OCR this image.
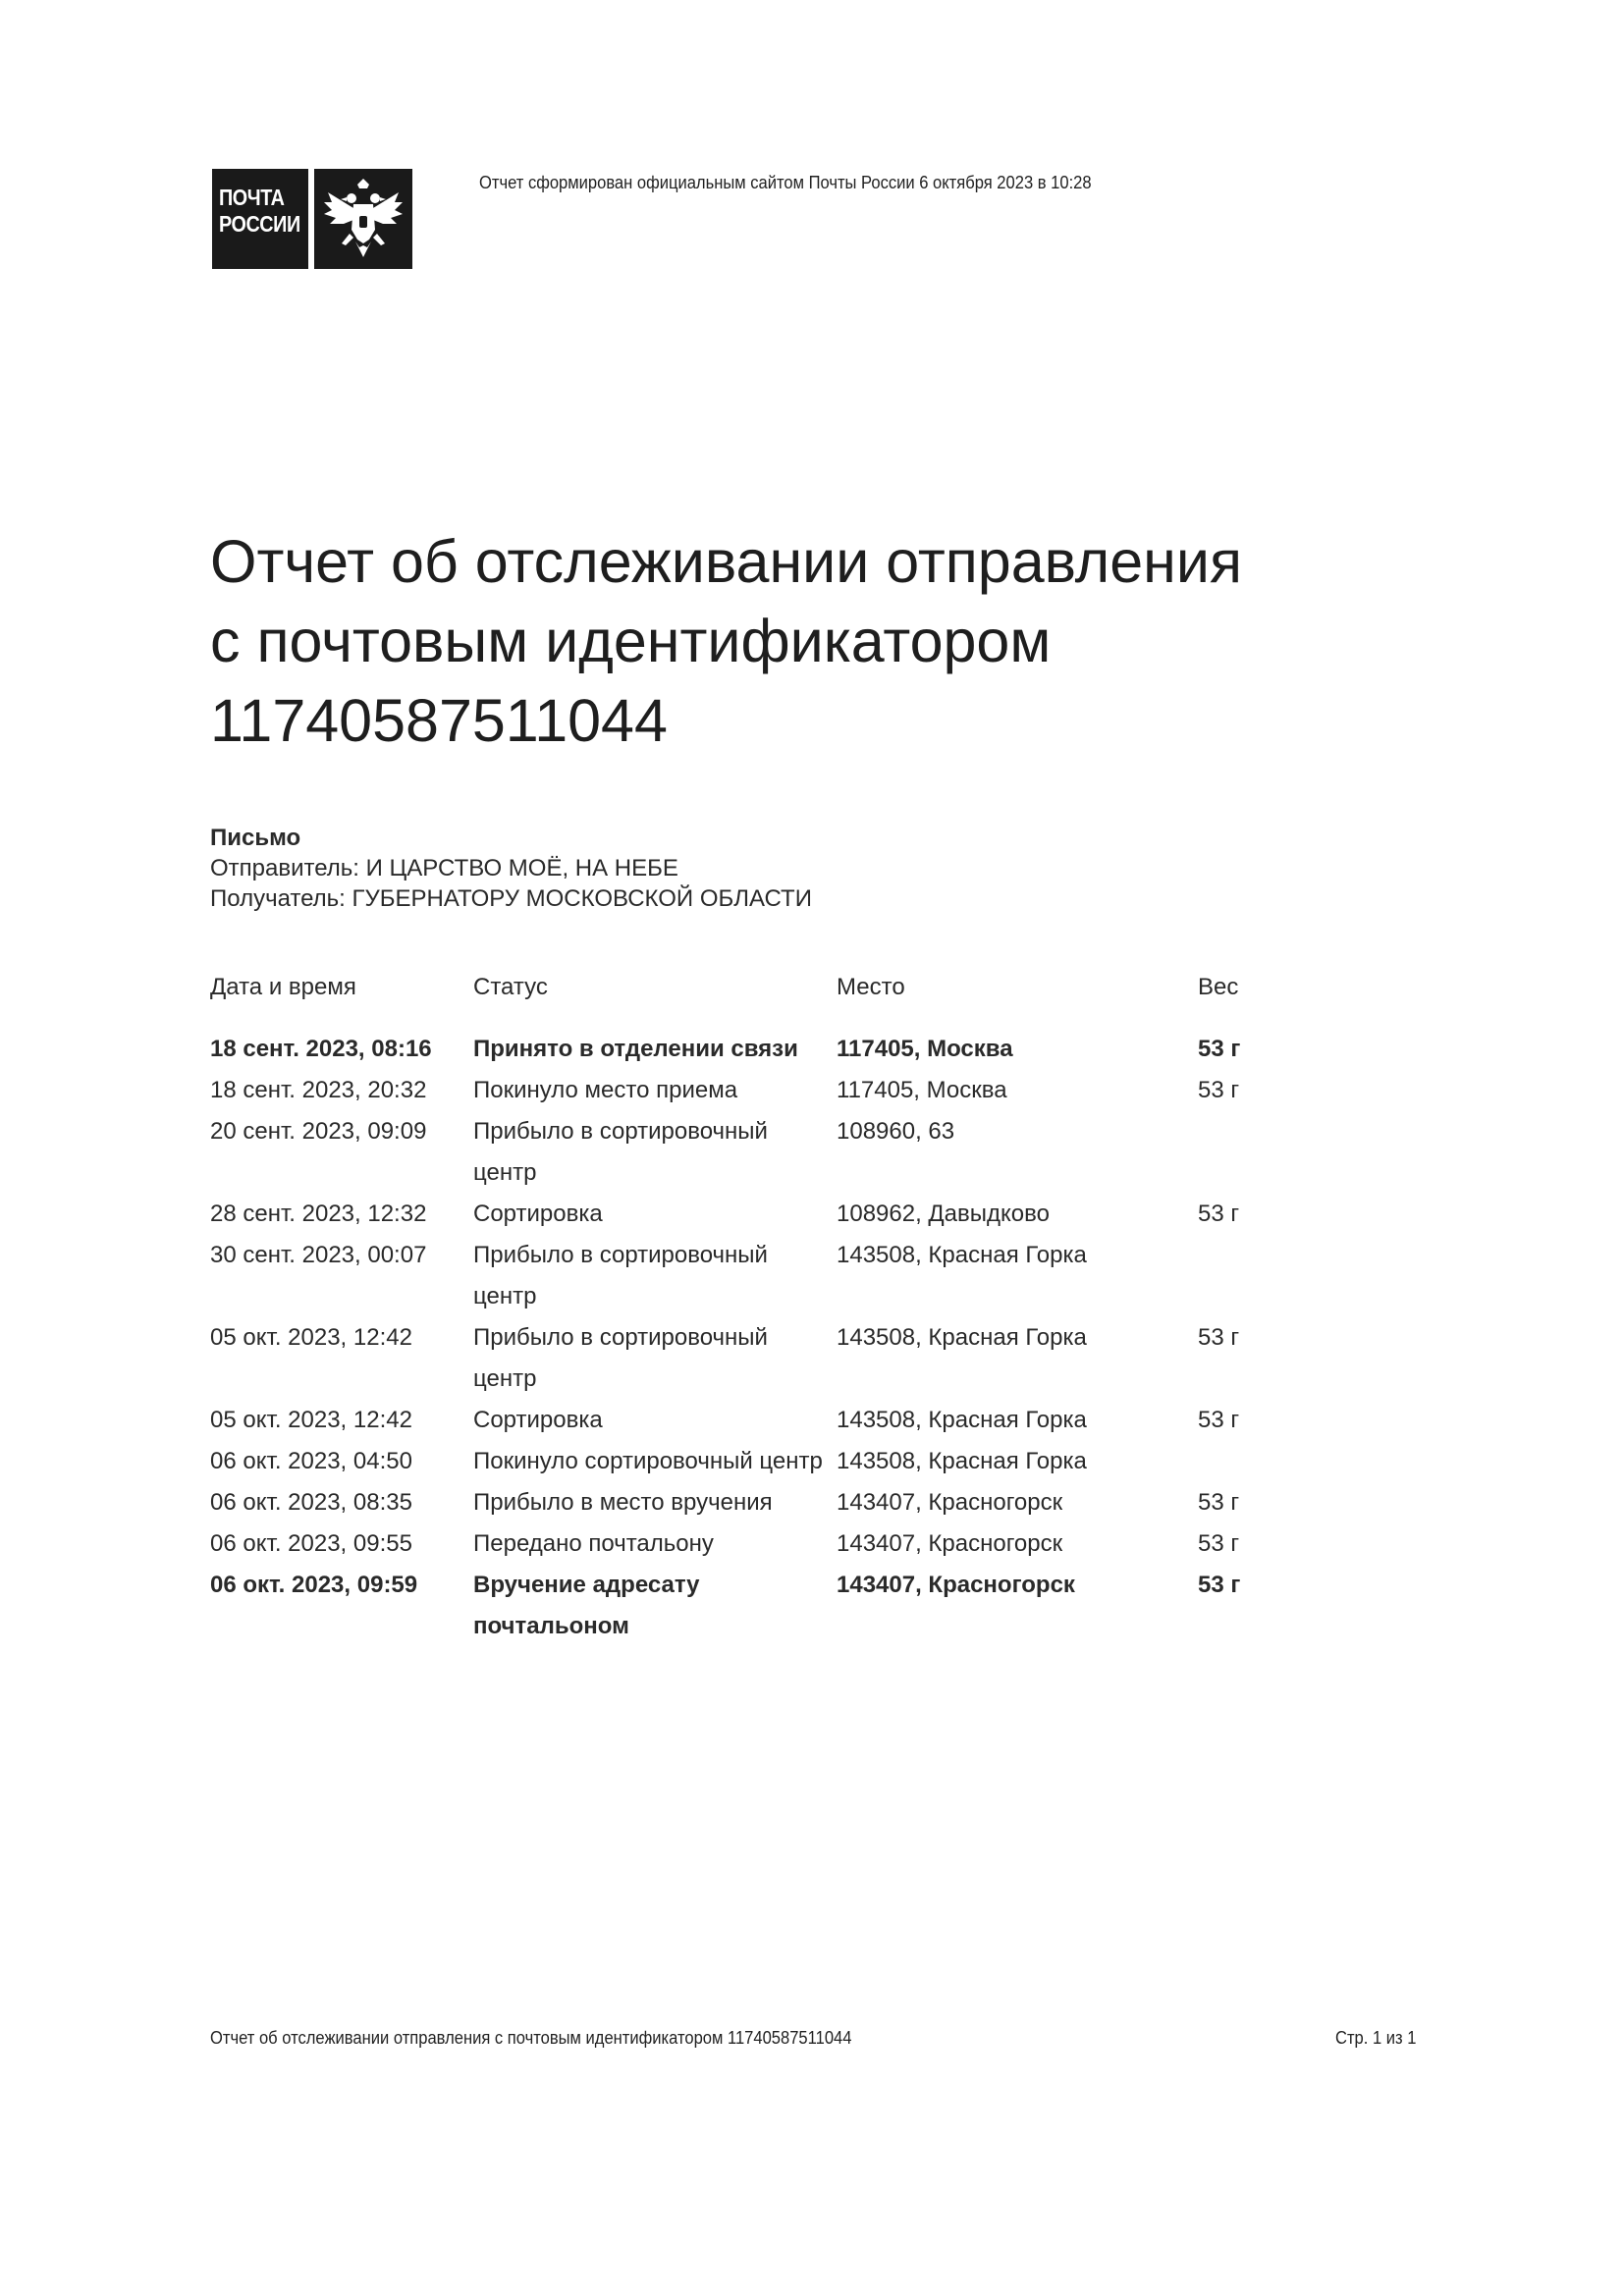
ПОЧТА
РОССИИ
Отчет сформирован официальным сайтом Почты России 6 октября 2023 в 10:28
Отчет об отслеживании отправления
с почтовым идентификатором
11740587511044
Письмо
Отправитель: И ЦАРСТВО МОЁ, НА НЕБЕ
Получатель: ГУБЕРНАТОРУ МОСКОВСКОЙ ОБЛАСТИ
Дата и время	Статус	Место	Вес
18 сент. 2023, 08:16	Принято в отделении связи	117405, Москва	53 г
18 сент. 2023, 20:32	Покинуло место приема	117405, Москва	53 г
20 сент. 2023, 09:09	Прибыло в сортировочный центр	108960, 63	
28 сент. 2023, 12:32	Сортировка	108962, Давыдково	53 г
30 сент. 2023, 00:07	Прибыло в сортировочный центр	143508, Красная Горка	
05 окт. 2023, 12:42	Прибыло в сортировочный центр	143508, Красная Горка	53 г
05 окт. 2023, 12:42	Сортировка	143508, Красная Горка	53 г
06 окт. 2023, 04:50	Покинуло сортировочный центр	143508, Красная Горка	
06 окт. 2023, 08:35	Прибыло в место вручения	143407, Красногорск	53 г
06 окт. 2023, 09:55	Передано почтальону	143407, Красногорск	53 г
06 окт. 2023, 09:59	Вручение адресату почтальоном	143407, Красногорск	53 г
Отчет об отслеживании отправления с почтовым идентификатором 11740587511044	Стр. 1 из 1
